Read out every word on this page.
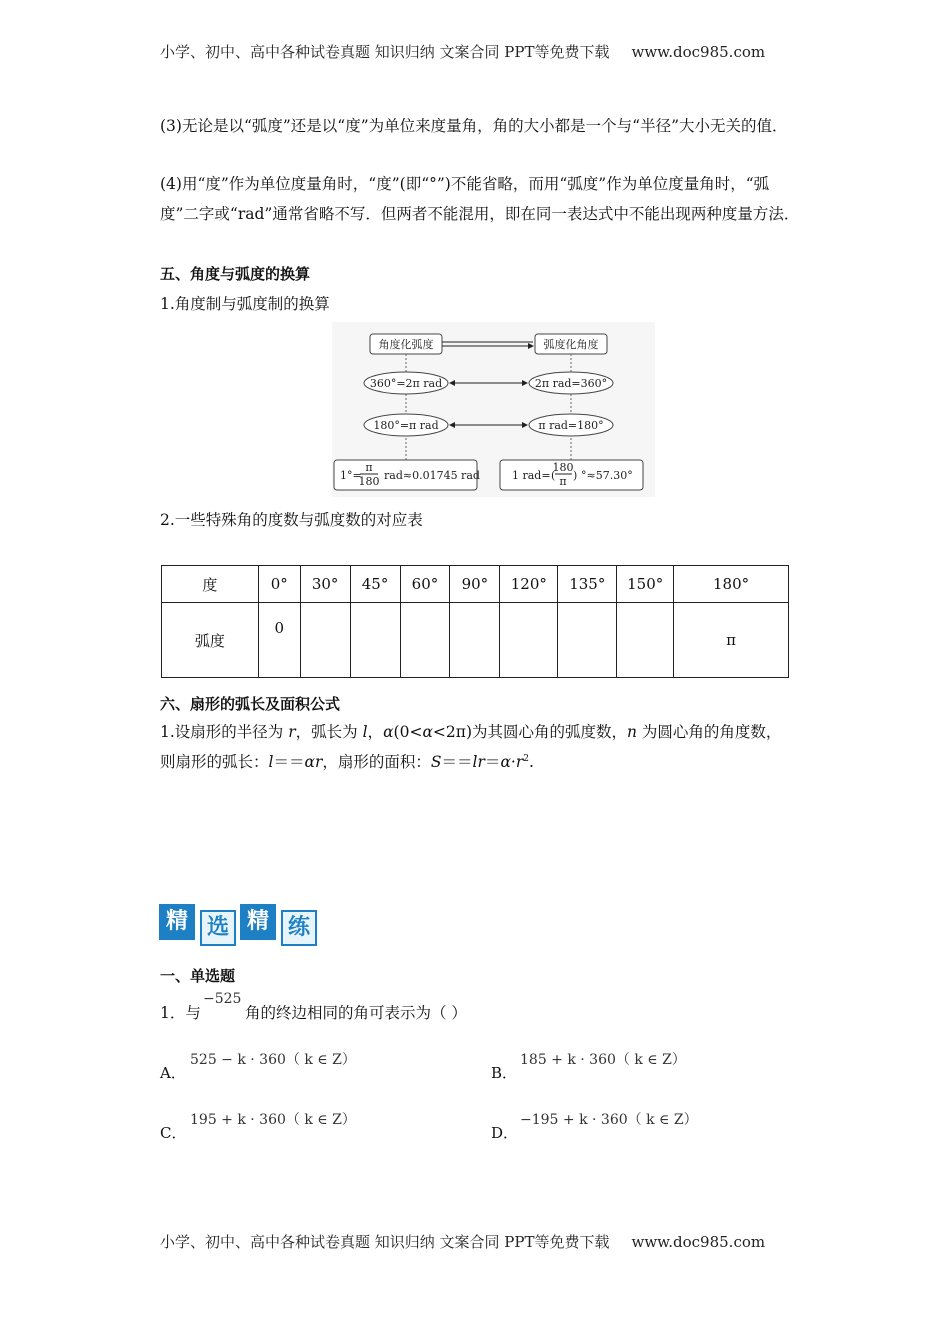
小学、初中、高中各种试卷真题 知识归纳 文案合同 PPT等免费下载 www.doc985.com
(3)无论是以“弧度”还是以“度”为单位来度量角，角的大小都是一个与“半径”大小无关的值．
(4)用“度”作为单位度量角时，“度”(即“°”)不能省略，而用“弧度”作为单位度量角时，“弧度”二字或“rad”通常省略不写．但两者不能混用，即在同一表达式中不能出现两种度量方法．
五、角度与弧度的换算
1.角度制与弧度制的换算
角度化弧度	弧度化角度
360°=2π rad	2π rad=360°
180°=π rad	π rad=180°
1°=
π
180 rad≈0.01745 rad	1 rad= (
180
π ) °≈57.30°
2.一些特殊角的度数与弧度数的对应表
度	0°	30°	45°	60°	90°	120°	135°	150°	180°
弧度	0								π
六、扇形的弧长及面积公式
1.设扇形的半径为 r，弧长为 l，α(0<α<2π)为其圆心角的弧度数，n 为圆心角的角度数，
则扇形的弧长：l＝＝αr，扇形的面积：$S==lr=\alpha\cdot r^2$.
精 选 精 练
一、单选题
1．与
−525
角的终边相同的角可表示为（ ）
A．
525 − k · 360（ k ∈ Z）
B．
185 + k · 360（ k ∈ Z）
C．
195 + k · 360（ k ∈ Z）
D．
−195 + k · 360（ k ∈ Z）
小学、初中、高中各种试卷真题 知识归纳 文案合同 PPT等免费下载 www.doc985.com
